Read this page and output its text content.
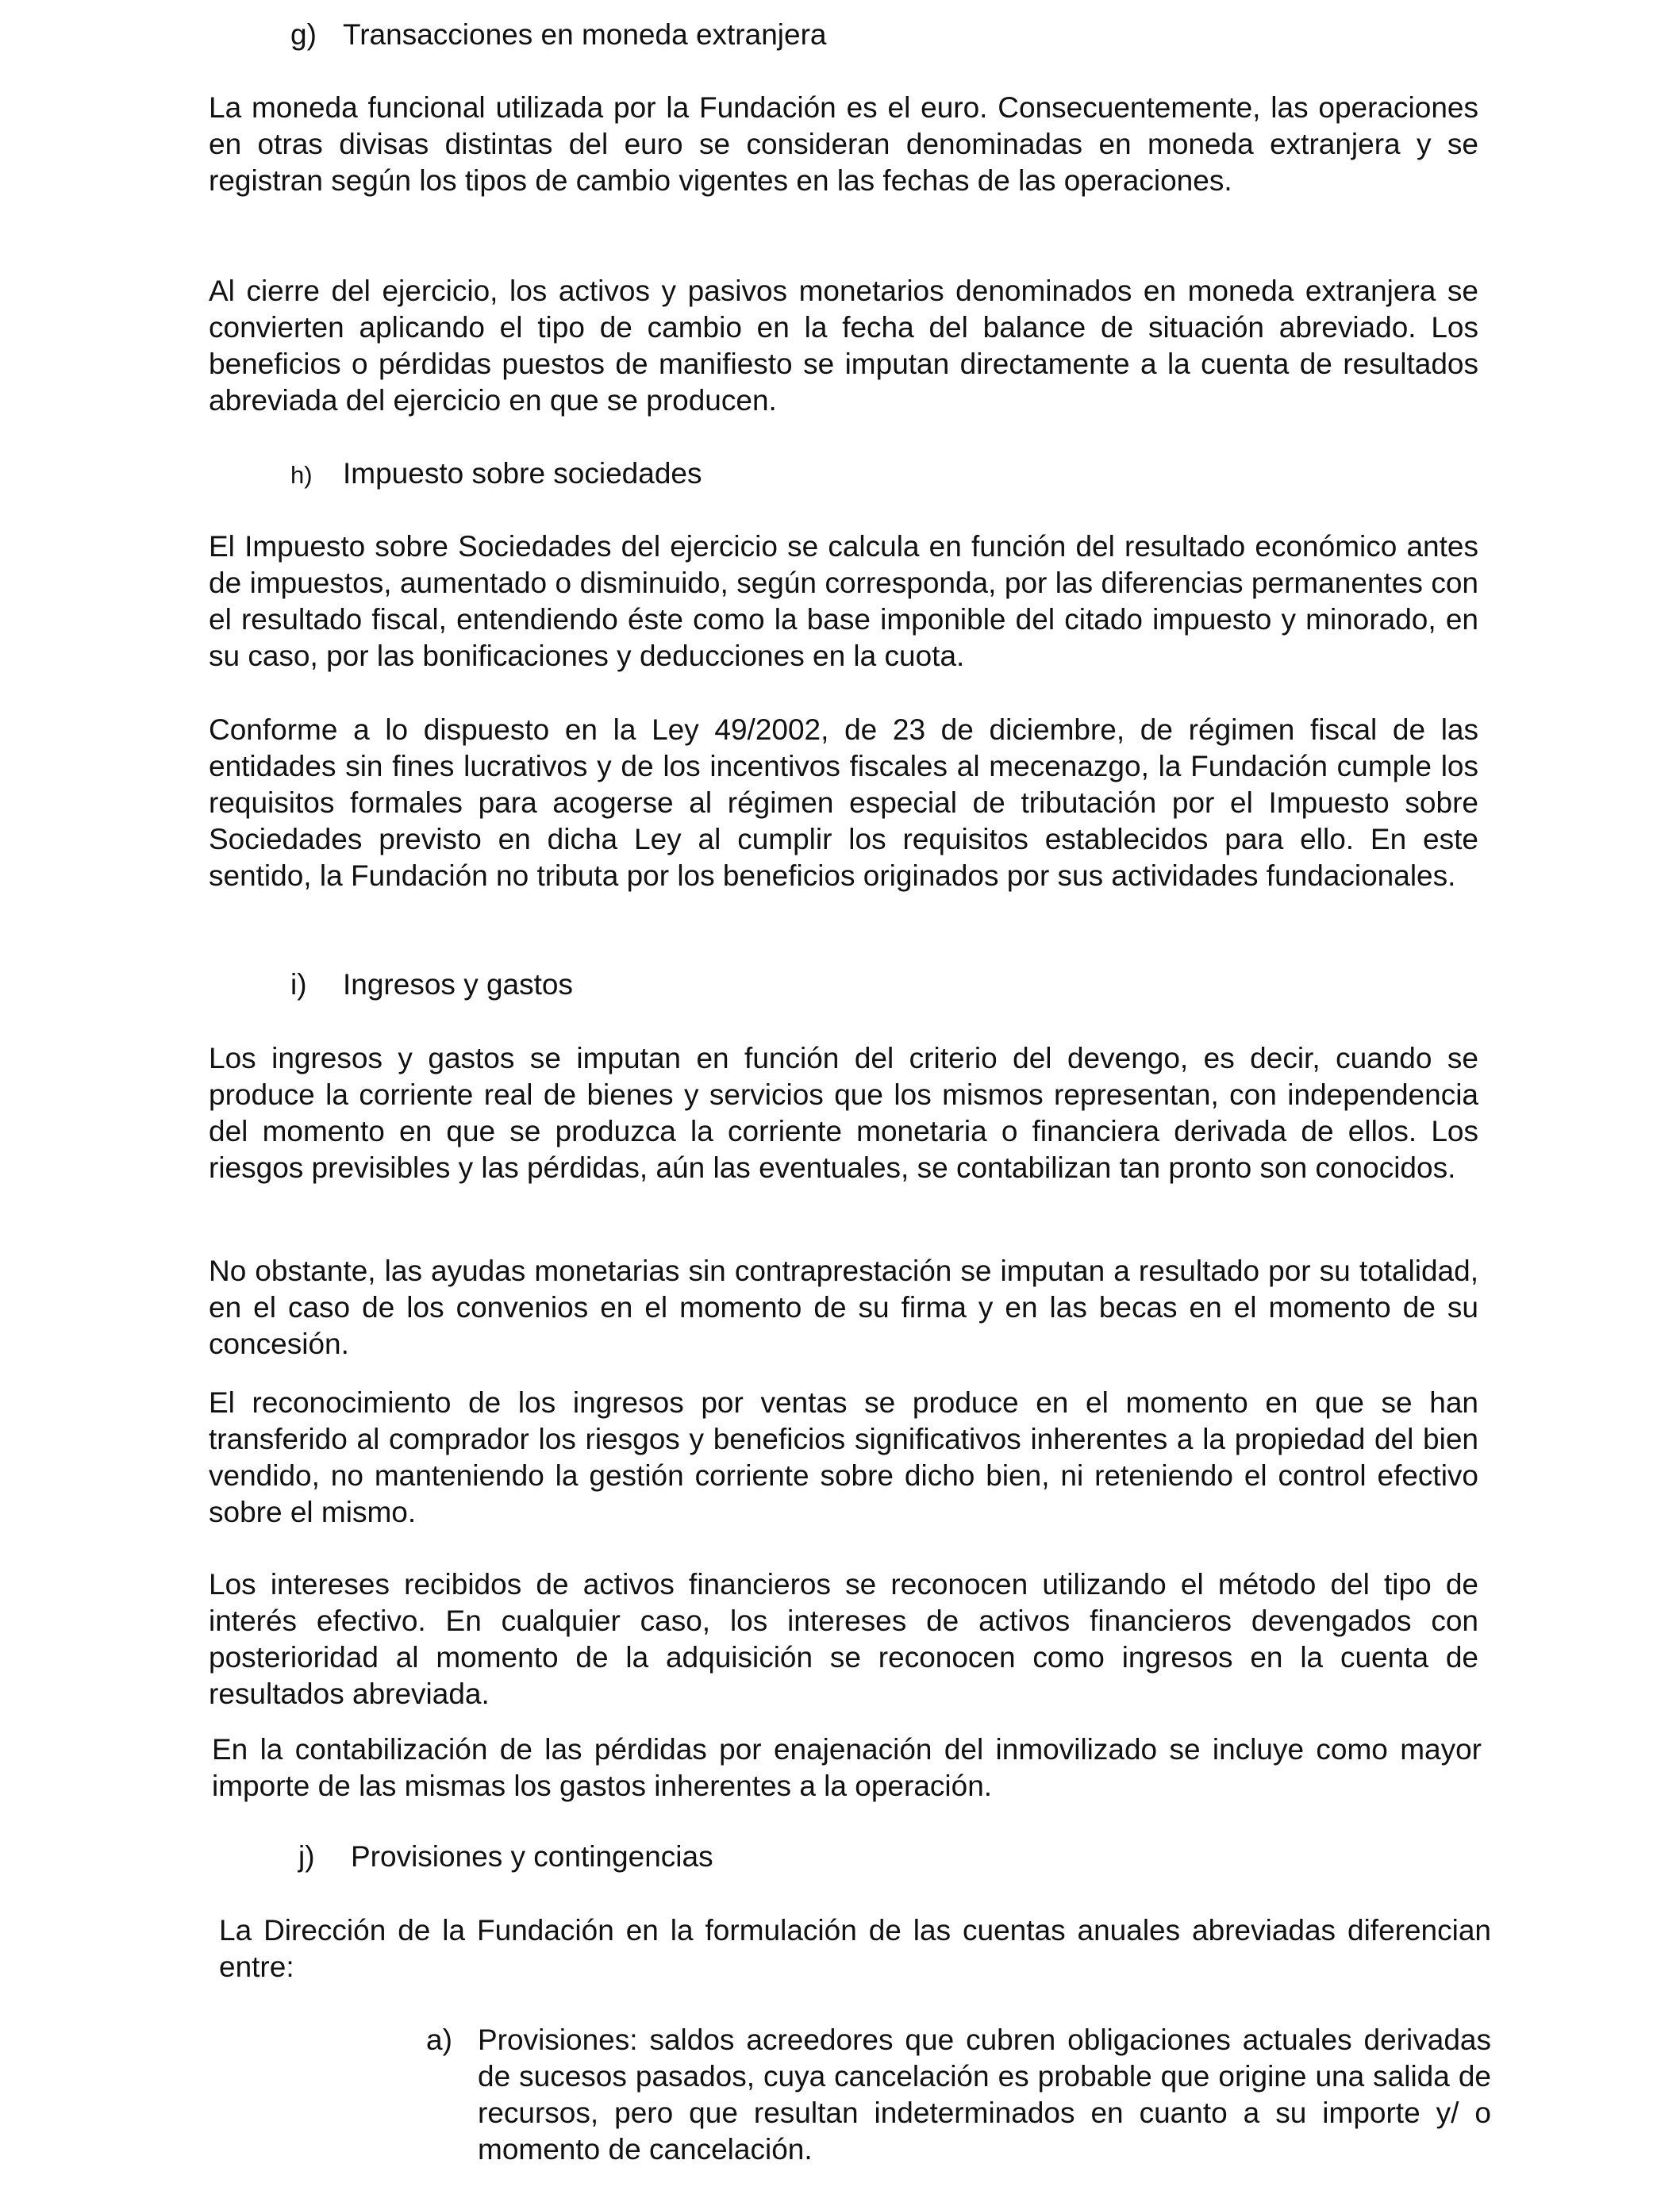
g) Transacciones en moneda extranjera

La moneda funcional utilizada por la Fundación es el euro. Consecuentemente, las operaciones en otras divisas distintas del euro se consideran denominadas en moneda extranjera y se registran según los tipos de cambio vigentes en las fechas de las operaciones.

Al cierre del ejercicio, los activos y pasivos monetarios denominados en moneda extranjera se convierten aplicando el tipo de cambio en la fecha del balance de situación abreviado. Los beneficios o pérdidas puestos de manifiesto se imputan directamente a la cuenta de resultados abreviada del ejercicio en que se producen.

h) Impuesto sobre sociedades

El Impuesto sobre Sociedades del ejercicio se calcula en función del resultado económico antes de impuestos, aumentado o disminuido, según corresponda, por las diferencias permanentes con el resultado fiscal, entendiendo éste como la base imponible del citado impuesto y minorado, en su caso, por las bonificaciones y deducciones en la cuota.

Conforme a lo dispuesto en la Ley 49/2002, de 23 de diciembre, de régimen fiscal de las entidades sin fines lucrativos y de los incentivos fiscales al mecenazgo, la Fundación cumple los requisitos formales para acogerse al régimen especial de tributación por el Impuesto sobre Sociedades previsto en dicha Ley al cumplir los requisitos establecidos para ello. En este sentido, la Fundación no tributa por los beneficios originados por sus actividades fundacionales.

i) Ingresos y gastos

Los ingresos y gastos se imputan en función del criterio del devengo, es decir, cuando se produce la corriente real de bienes y servicios que los mismos representan, con independencia del momento en que se produzca la corriente monetaria o financiera derivada de ellos. Los riesgos previsibles y las pérdidas, aún las eventuales, se contabilizan tan pronto son conocidos.

No obstante, las ayudas monetarias sin contraprestación se imputan a resultado por su totalidad, en el caso de los convenios en el momento de su firma y en las becas en el momento de su concesión.

El reconocimiento de los ingresos por ventas se produce en el momento en que se han transferido al comprador los riesgos y beneficios significativos inherentes a la propiedad del bien vendido, no manteniendo la gestión corriente sobre dicho bien, ni reteniendo el control efectivo sobre el mismo.

Los intereses recibidos de activos financieros se reconocen utilizando el método del tipo de interés efectivo. En cualquier caso, los intereses de activos financieros devengados con posterioridad al momento de la adquisición se reconocen como ingresos en la cuenta de resultados abreviada.

En la contabilización de las pérdidas por enajenación del inmovilizado se incluye como mayor importe de las mismas los gastos inherentes a la operación.

j) Provisiones y contingencias

La Dirección de la Fundación en la formulación de las cuentas anuales abreviadas diferencian entre:

a) Provisiones: saldos acreedores que cubren obligaciones actuales derivadas de sucesos pasados, cuya cancelación es probable que origine una salida de recursos, pero que resultan indeterminados en cuanto a su importe y/ o momento de cancelación.
